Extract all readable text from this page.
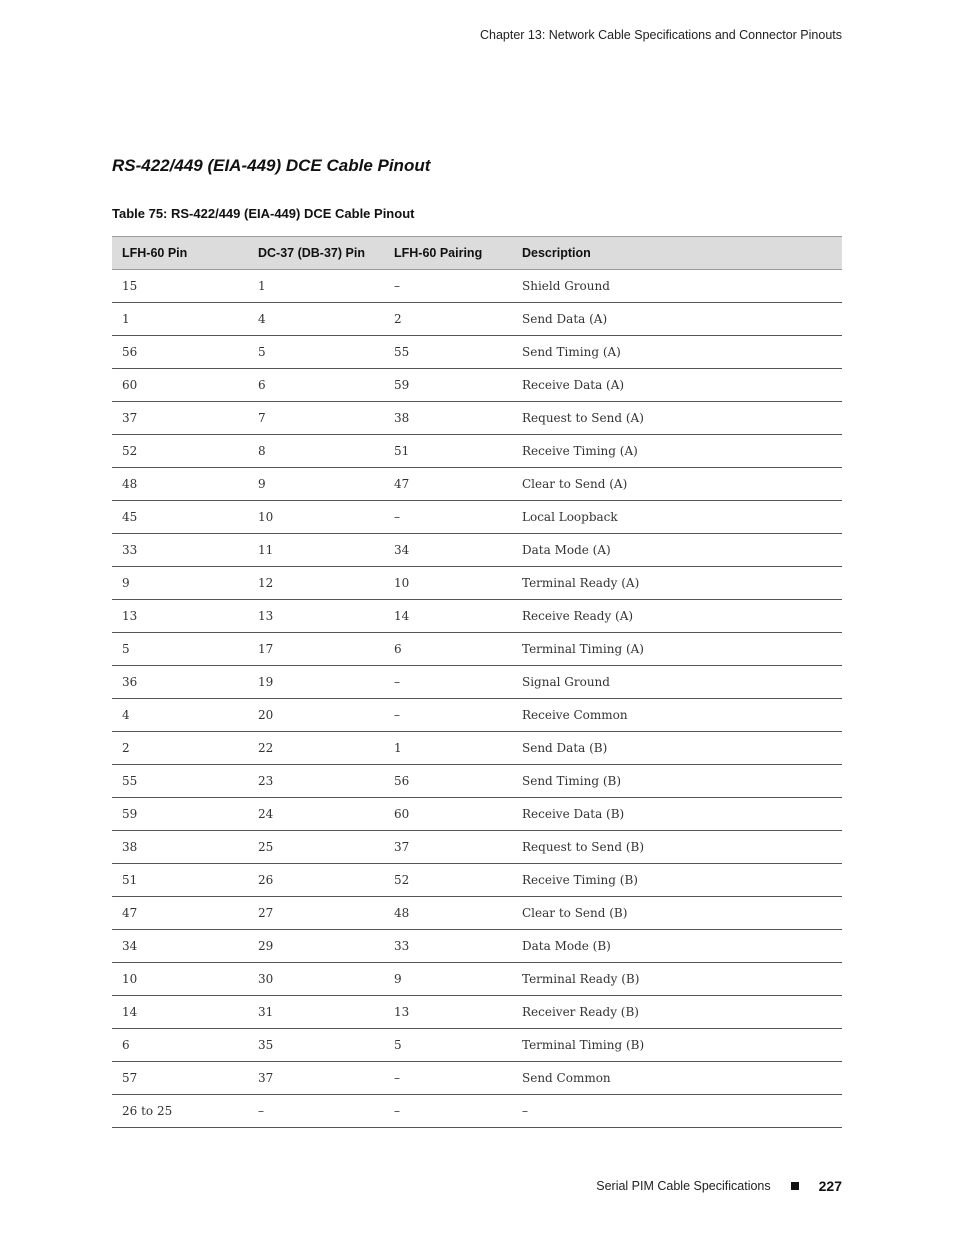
Chapter 13: Network Cable Specifications and Connector Pinouts
RS-422/449 (EIA-449) DCE Cable Pinout
Table 75: RS-422/449 (EIA-449) DCE Cable Pinout
LFH-60 Pin	DC-37 (DB-37) Pin	LFH-60 Pairing	Description
15	1	–	Shield Ground
1	4	2	Send Data (A)
56	5	55	Send Timing (A)
60	6	59	Receive Data (A)
37	7	38	Request to Send (A)
52	8	51	Receive Timing (A)
48	9	47	Clear to Send (A)
45	10	–	Local Loopback
33	11	34	Data Mode (A)
9	12	10	Terminal Ready (A)
13	13	14	Receive Ready (A)
5	17	6	Terminal Timing (A)
36	19	–	Signal Ground
4	20	–	Receive Common
2	22	1	Send Data (B)
55	23	56	Send Timing (B)
59	24	60	Receive Data (B)
38	25	37	Request to Send (B)
51	26	52	Receive Timing (B)
47	27	48	Clear to Send (B)
34	29	33	Data Mode (B)
10	30	9	Terminal Ready (B)
14	31	13	Receiver Ready (B)
6	35	5	Terminal Timing (B)
57	37	–	Send Common
26 to 25	–	–	–
Serial PIM Cable Specifications	227
